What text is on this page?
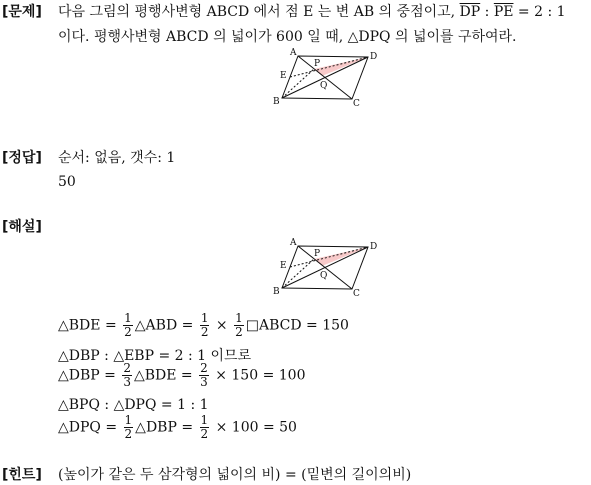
[문제] 다음 그림의 평행사변형 ABCD 에서 점 E 는 변 AB 의 중점이고, $\overline{DP}$ : $\overline{PE} = 2$ : 1
이다. 평행사변형 ABCD 의 넓이가 600 일 때, △DPQ 의 넓이를 구하여라.
A
B	C
D
E
P
Q
[정답] 순서: 없음, 갯수: 1
50
[해설]
A
B	C
D
E
P
Q
△BDE = $\frac{1}{2}$ △ABD = $\frac{1}{2} \times \frac{1}{2}$ □ABCD = 150
△DBP : △EBP = 2 : 1 이므로
△DBP = $\frac{2}{3}$ △BDE = $\frac{2}{3} \times 150 = 100$
△BPQ : △DPQ = 1 : 1
△DPQ = $\frac{1}{2}$ △DBP = $\frac{1}{2} \times 100 = 50$
[힌트] (높이가 같은 두 삼각형의 넓이의 비) = (밑변의 길이의비)
